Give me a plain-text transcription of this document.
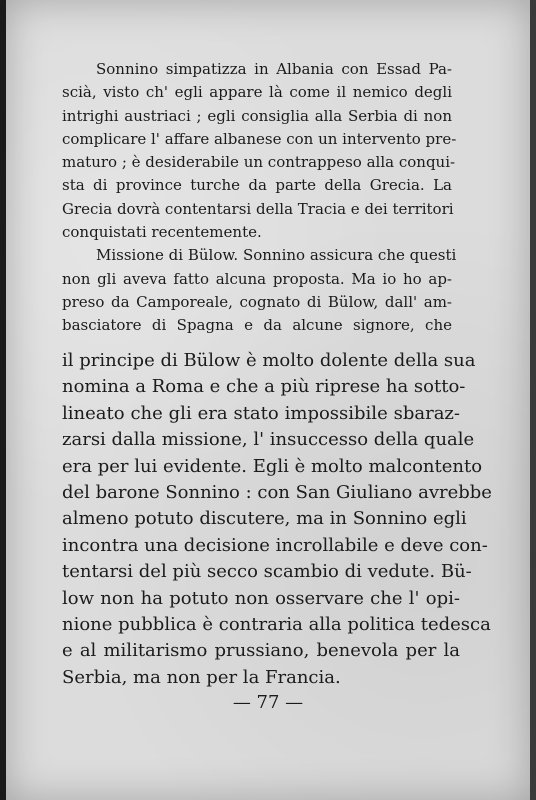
Sonnino simpatizza in Albania con Essad Pa-
scià, visto ch' egli appare là come il nemico degli
intrighi austriaci ; egli consiglia alla Serbia di non
complicare l' affare albanese con un intervento pre-
maturo ; è desiderabile un contrappeso alla conqui-
sta di province turche da parte della Grecia. La
Grecia dovrà contentarsi della Tracia e dei territori
conquistati recentemente.
Missione di Bülow. Sonnino assicura che questi
non gli aveva fatto alcuna proposta. Ma io ho ap-
preso da Camporeale, cognato di Bülow, dall' am-
basciatore di Spagna e da alcune signore, che
il principe di Bülow è molto dolente della sua
nomina a Roma e che a più riprese ha sotto-
lineato che gli era stato impossibile sbaraz-
zarsi dalla missione, l' insuccesso della quale
era per lui evidente. Egli è molto malcontento
del barone Sonnino : con San Giuliano avrebbe
almeno potuto discutere, ma in Sonnino egli
incontra una decisione incrollabile e deve con-
tentarsi del più secco scambio di vedute. Bü-
low non ha potuto non osservare che l' opi-
nione pubblica è contraria alla politica tedesca
e al militarismo prussiano, benevola per la
Serbia, ma non per la Francia.
— 77 —
